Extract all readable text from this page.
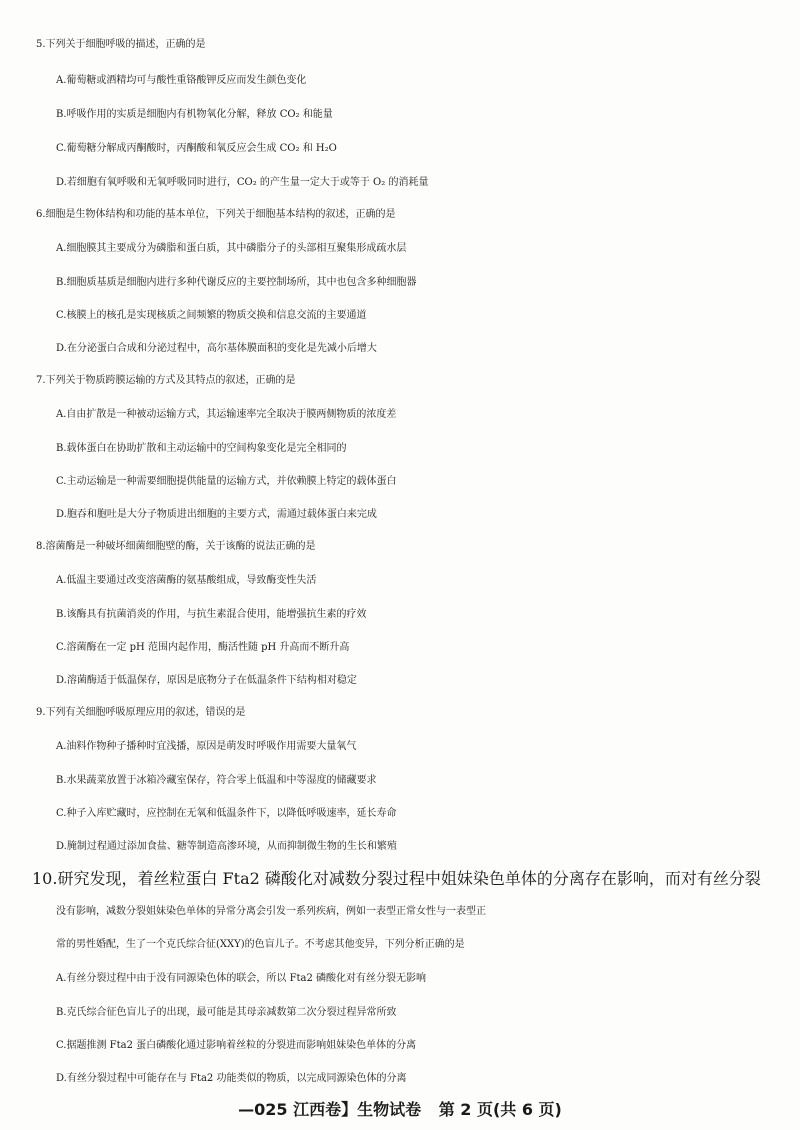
5.下列关于细胞呼吸的描述，正确的是
A.葡萄糖或酒精均可与酸性重铬酸钾反应而发生颜色变化
B.呼吸作用的实质是细胞内有机物氧化分解，释放 CO₂ 和能量
C.葡萄糖分解成丙酮酸时，丙酮酸和氧反应会生成 CO₂ 和 H₂O
D.若细胞有氧呼吸和无氧呼吸同时进行，CO₂ 的产生量一定大于或等于 O₂ 的消耗量
6.细胞是生物体结构和功能的基本单位，下列关于细胞基本结构的叙述，正确的是
A.细胞膜其主要成分为磷脂和蛋白质，其中磷脂分子的头部相互聚集形成疏水层
B.细胞质基质是细胞内进行多种代谢反应的主要控制场所，其中也包含多种细胞器
C.核膜上的核孔是实现核质之间频繁的物质交换和信息交流的主要通道
D.在分泌蛋白合成和分泌过程中，高尔基体膜面积的变化是先减小后增大
7.下列关于物质跨膜运输的方式及其特点的叙述，正确的是
A.自由扩散是一种被动运输方式，其运输速率完全取决于膜两侧物质的浓度差
B.载体蛋白在协助扩散和主动运输中的空间构象变化是完全相同的
C.主动运输是一种需要细胞提供能量的运输方式，并依赖膜上特定的载体蛋白
D.胞吞和胞吐是大分子物质进出细胞的主要方式，需通过载体蛋白来完成
8.溶菌酶是一种破坏细菌细胞壁的酶，关于该酶的说法正确的是
A.低温主要通过改变溶菌酶的氨基酸组成，导致酶变性失活
B.该酶具有抗菌消炎的作用，与抗生素混合使用，能增强抗生素的疗效
C.溶菌酶在一定 pH 范围内起作用，酶活性随 pH 升高而不断升高
D.溶菌酶适于低温保存，原因是底物分子在低温条件下结构相对稳定
9.下列有关细胞呼吸原理应用的叙述，错误的是
A.油料作物种子播种时宜浅播，原因是萌发时呼吸作用需要大量氧气
B.水果蔬菜放置于冰箱冷藏室保存，符合零上低温和中等湿度的储藏要求
C.种子入库贮藏时，应控制在无氧和低温条件下，以降低呼吸速率，延长寿命
D.腌制过程通过添加食盐、糖等制造高渗环境，从而抑制微生物的生长和繁殖
10.研究发现，着丝粒蛋白 Fta2 磷酸化对减数分裂过程中姐妹染色单体的分离存在影响，而对有丝分裂
没有影响，减数分裂姐妹染色单体的异常分离会引发一系列疾病，例如一表型正常女性与一表型正
常的男性婚配，生了一个克氏综合征(XXY)的色盲儿子。不考虑其他变异，下列分析正确的是
A.有丝分裂过程中由于没有同源染色体的联会，所以 Fta2 磷酸化对有丝分裂无影响
B.克氏综合征色盲儿子的出现，最可能是其母亲减数第二次分裂过程异常所致
C.据题推测 Fta2 蛋白磷酸化通过影响着丝粒的分裂进而影响姐妹染色单体的分离
D.有丝分裂过程中可能存在与 Fta2 功能类似的物质，以完成同源染色体的分离
—025 江西卷】生物试卷 第 2 页(共 6 页)
